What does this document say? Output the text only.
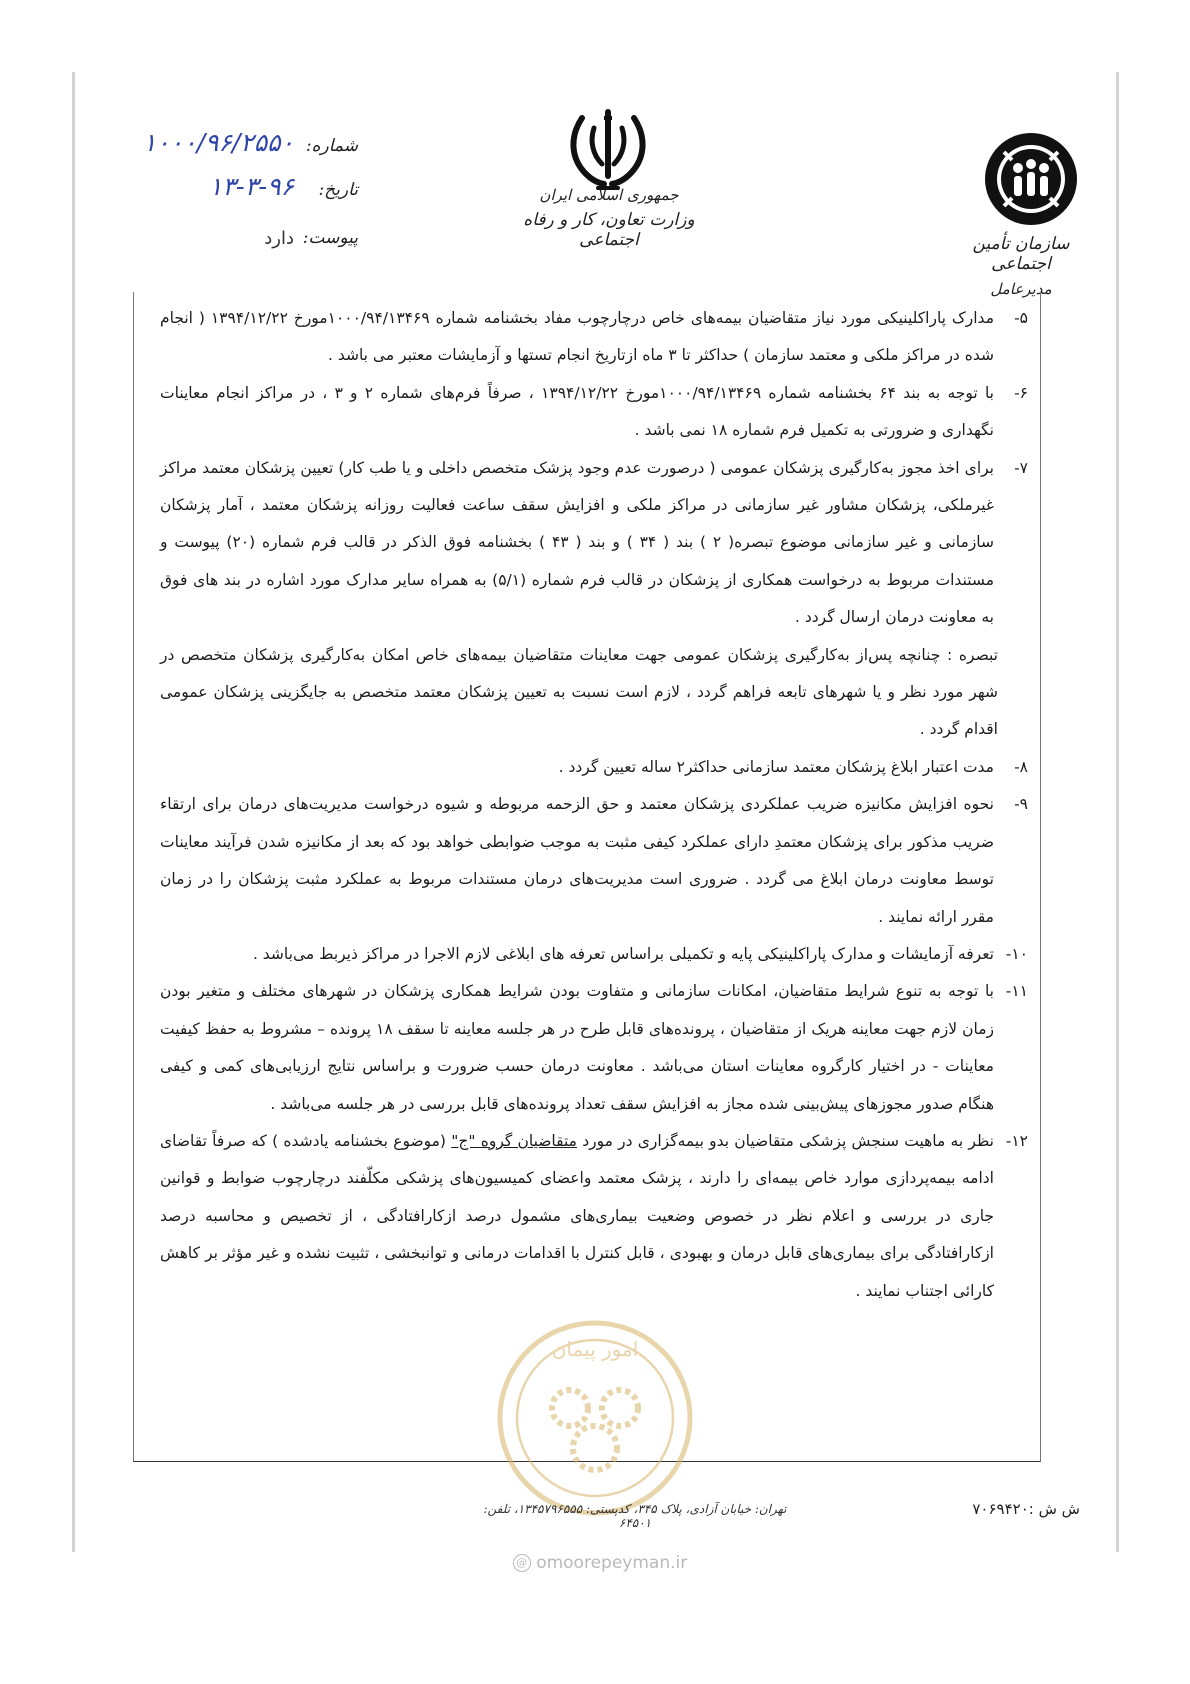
شماره:
۱۰۰۰/۹۶/۲۵۵۰
تاریخ:
۱۳-۳-۹۶
پیوست:
دارد
جمهوری اسلامی ایران
وزارت تعاون، کار و رفاه اجتماعی	سازمان تأمین اجتماعی
مدیرعامل

۵-
مدارک پاراکلینیکی مورد نیاز متقاضیان بیمه‌های خاص درچارچوب مفاد بخشنامه شماره ۱۰۰۰/۹۴/۱۳۴۶۹مورخ ۱۳۹۴/۱۲/۲۲ ( انجام شده در مراکز ملکی و معتمد سازمان ) حداکثر تا ۳ ماه ازتاریخ انجام تستها و آزمایشات معتبر می باشد .

۶-
با توجه به بند ۶۴ بخشنامه شماره ۱۰۰۰/۹۴/۱۳۴۶۹مورخ ۱۳۹۴/۱۲/۲۲ ، صرفاً فرم‌های شماره ۲ و ۳ ، در مراکز انجام معاینات نگهداری و ضرورتی به تکمیل فرم شماره ۱۸ نمی باشد .

۷-
برای اخذ مجوز به‌کارگیری پزشکان عمومی ( درصورت عدم وجود پزشک متخصص داخلی و یا طب کار) تعیین پزشکان معتمد مراکز غیرملکی، پزشکان مشاور غیر سازمانی در مراکز ملکی و افزایش سقف ساعت فعالیت روزانه پزشکان معتمد ، آمار پزشکان سازمانی و غیر سازمانی موضوع تبصره( ۲ ) بند ( ۳۴ ) و بند ( ۴۳ ) بخشنامه فوق الذکر در قالب فرم شماره (۲۰) پیوست و مستندات مربوط به درخواست همکاری از پزشکان در قالب فرم شماره (۵/۱) به همراه سایر مدارک مورد اشاره در بند های فوق به معاونت درمان ارسال گردد .

تبصره : چنانچه پس‌از به‌کارگیری پزشکان عمومی جهت معاینات متقاضیان بیمه‌های خاص امکان به‌کارگیری پزشکان متخصص در شهر مورد نظر و یا شهرهای تابعه فراهم گردد ، لازم است نسبت به تعیین پزشکان معتمد متخصص به جایگزینی پزشکان عمومی اقدام گردد .

۸-
مدت اعتبار ابلاغ پزشکان معتمد سازمانی حداکثر۲ ساله تعیین گردد .

۹-
نحوه افزایش مکانیزه ضریب عملکردی پزشکان معتمد و حق الزحمه مربوطه و شیوه درخواست مدیریت‌های درمان برای ارتقاء ضریب مذکور برای پزشکان معتمدِ دارای عملکرد کیفی مثبت به موجب ضوابطی خواهد بود که بعد از مکانیزه شدن فرآیند معاینات توسط معاونت درمان ابلاغ می گردد . ضروری است مدیریت‌های درمان مستندات مربوط به عملکرد مثبت پزشکان را در زمان مقرر ارائه نمایند .

۱۰-
تعرفه آزمایشات و مدارک پاراکلینیکی پایه و تکمیلی براساس تعرفه های ابلاغی لازم الاجرا در مراکز ذیربط می‌باشد .

۱۱-
با توجه به تنوع شرایط متقاضیان، امکانات سازمانی و متفاوت بودن شرایط همکاری پزشکان در شهرهای مختلف و متغیر بودن زمان لازم جهت معاینه هریک از متقاضیان ، پرونده‌های قابل طرح در هر جلسه معاینه تا سقف ۱۸ پرونده – مشروط به حفظ کیفیت معاینات - در اختیار کارگروه معاینات استان می‌باشد . معاونت درمان حسب ضرورت و براساس نتایج ارزیابی‌های کمی و کیفی هنگام صدور مجوزهای پیش‌بینی شده مجاز به افزایش سقف تعداد پرونده‌های قابل بررسی در هر جلسه می‌باشد .

۱۲-
نظر به ماهیت سنجش پزشکی متقاضیان بدو بیمه‌گزاری در مورد متقاضیان گروه "ج" (موضوع بخشنامه یادشده ) که صرفاً تقاضای ادامه بیمه‌پردازی موارد خاص بیمه‌ای را دارند ، پزشک معتمد واعضای کمیسیون‌های پزشکی مکلّفند درچارچوب ضوابط و قوانین جاری در بررسی و اعلام نظر در خصوص وضعیت بیماری‌های مشمول درصد ازکارافتادگی ، از تخصیص و محاسبه درصد ازکارافتادگی برای بیماری‌های قابل درمان و بهبودی ، قابل کنترل با اقدامات درمانی و توانبخشی ، تثبیت نشده و غیر مؤثر بر کاهش کارائی اجتناب نمایند .

امور پیمان
تهران: خیابان آزادی، پلاک ۳۴۵، کدپستی: ۱۳۴۵۷۹۶۵۵۵، تلفن: ۶۴۵۰۱
ش ش :۷۰۶۹۴۲۰
@ omoorepeyman.ir
